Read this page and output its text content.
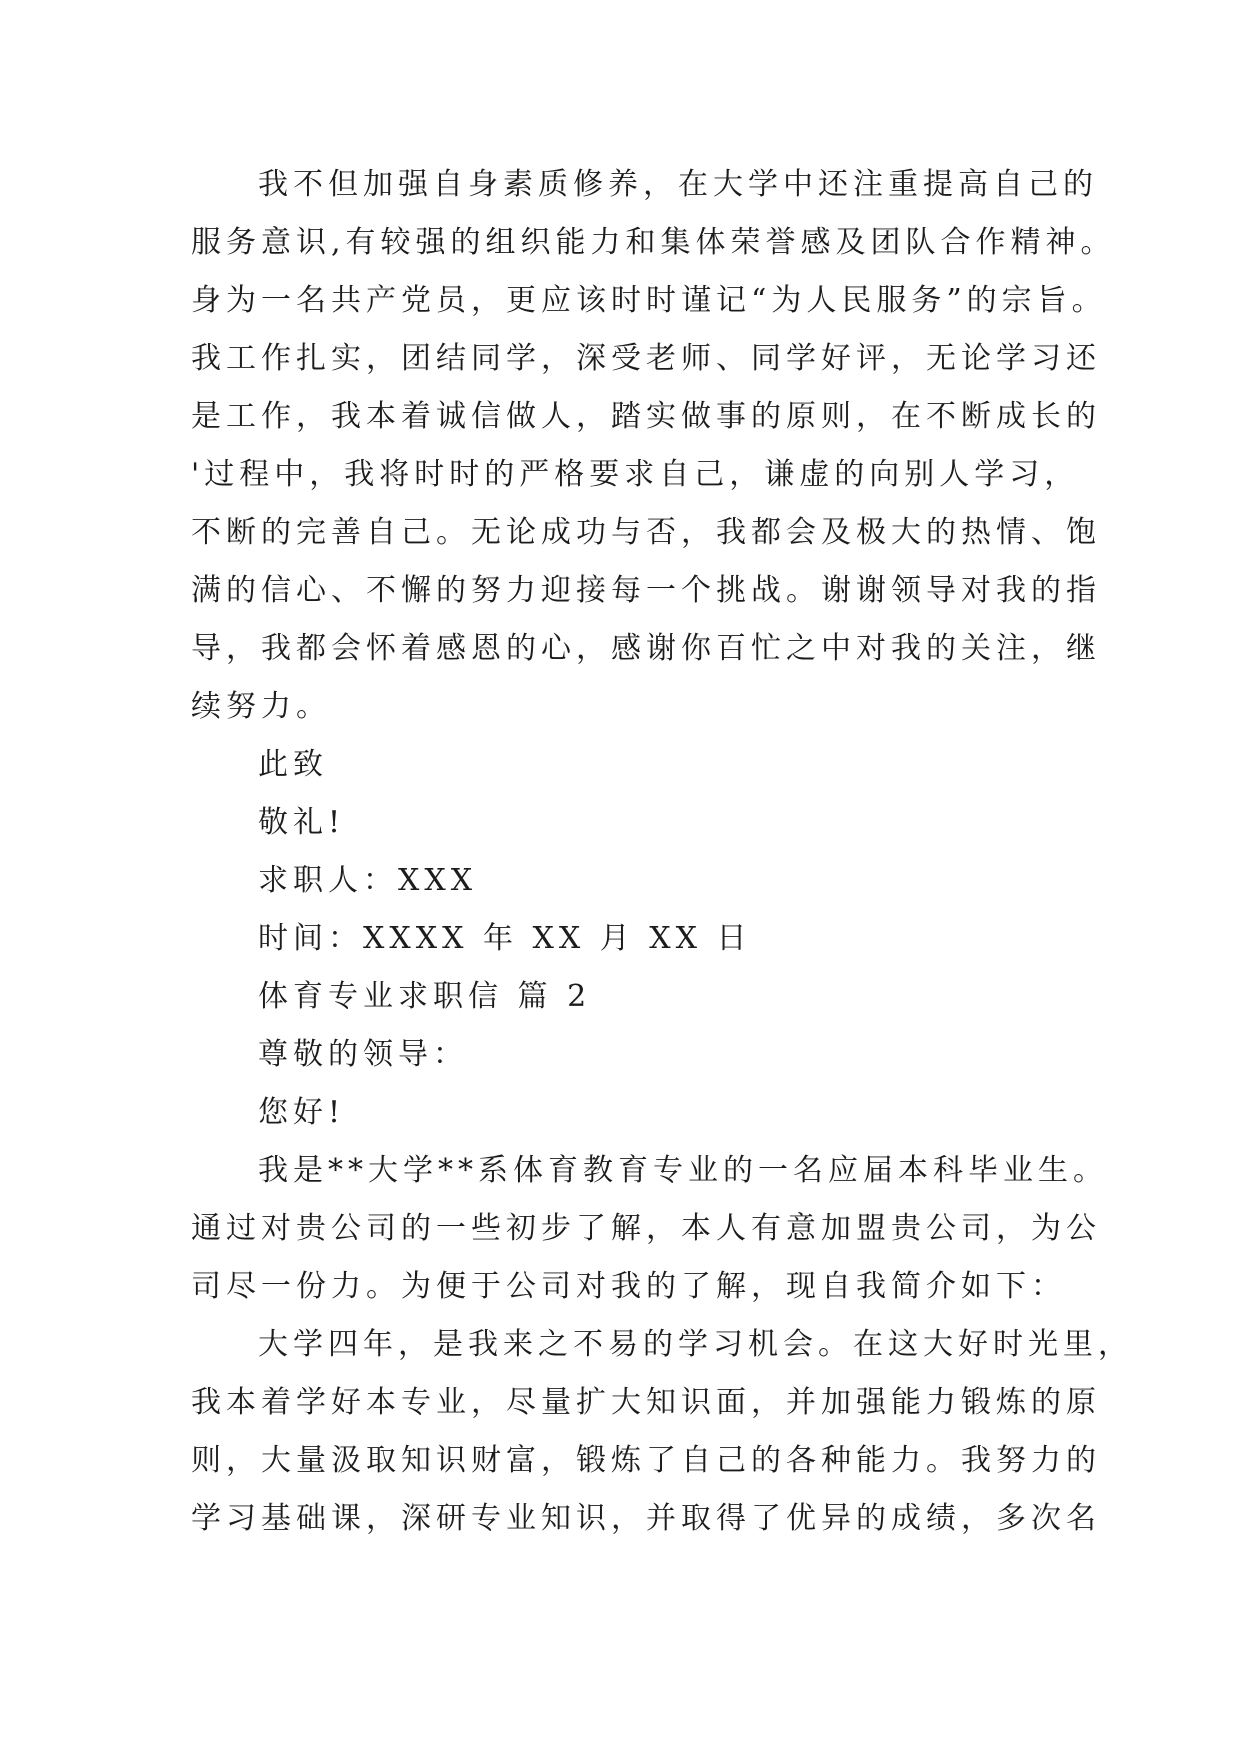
我不但加强自身素质修养，在大学中还注重提高自己的
服务意识,有较强的组织能力和集体荣誉感及团队合作精神。
身为一名共产党员，更应该时时谨记“为人民服务”的宗旨。
我工作扎实，团结同学，深受老师、同学好评，无论学习还
是工作，我本着诚信做人，踏实做事的原则，在不断成长的
'过程中，我将时时的严格要求自己，谦虚的向别人学习，
不断的完善自己。无论成功与否，我都会及极大的热情、饱
满的信心、不懈的努力迎接每一个挑战。谢谢领导对我的指
导，我都会怀着感恩的心，感谢你百忙之中对我的关注，继
续努力。
此致
敬礼!
求职人：XXX
时间：XXXX 年 XX 月 XX 日
体育专业求职信 篇 2
尊敬的领导：
您好!
我是**大学**系体育教育专业的一名应届本科毕业生。
通过对贵公司的一些初步了解，本人有意加盟贵公司，为公
司尽一份力。为便于公司对我的了解，现自我简介如下：
大学四年，是我来之不易的学习机会。在这大好时光里，
我本着学好本专业，尽量扩大知识面，并加强能力锻炼的原
则，大量汲取知识财富，锻炼了自己的各种能力。我努力的
学习基础课，深研专业知识，并取得了优异的成绩，多次名
